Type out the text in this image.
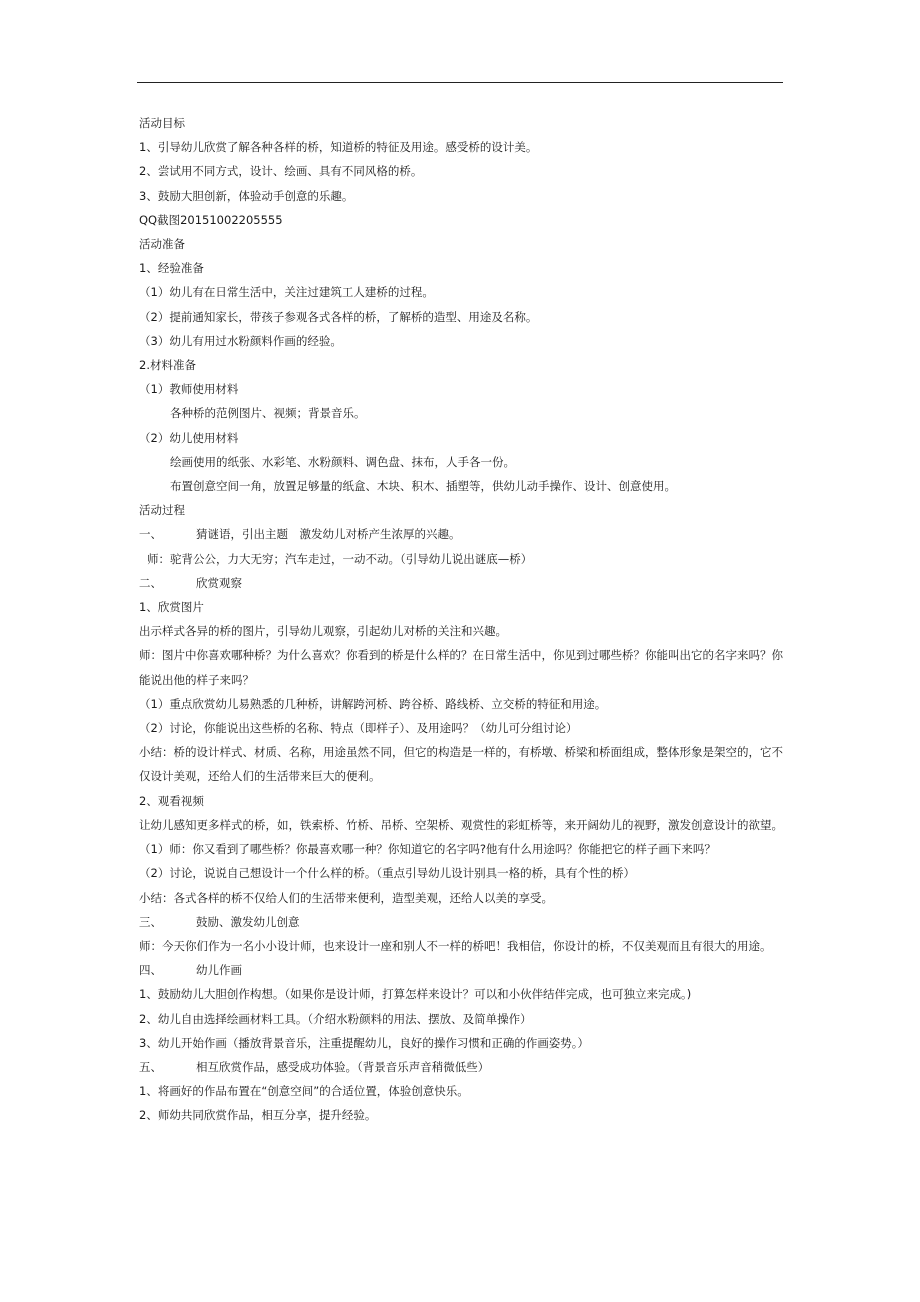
活动目标

1、引导幼儿欣赏了解各种各样的桥，知道桥的特征及用途。感受桥的设计美。

2、尝试用不同方式，设计、绘画、具有不同风格的桥。

3、鼓励大胆创新，体验动手创意的乐趣。

QQ截图20151002205555

活动准备

1、经验准备

（1）幼儿有在日常生活中，关注过建筑工人建桥的过程。

（2）提前通知家长，带孩子参观各式各样的桥，了解桥的造型、用途及名称。

（3）幼儿有用过水粉颜料作画的经验。

2.材料准备

（1）教师使用材料

各种桥的范例图片、视频；背景音乐。

（2）幼儿使用材料

绘画使用的纸张、水彩笔、水粉颜料、调色盘、抹布，人手各一份。

布置创意空间一角，放置足够量的纸盒、木块、积木、插塑等，供幼儿动手操作、设计、创意使用。

活动过程

一、	猜谜语，引出主题　激发幼儿对桥产生浓厚的兴趣。

师：驼背公公，力大无穷；汽车走过，一动不动。（引导幼儿说出谜底—桥）

二、	欣赏观察

1、欣赏图片

出示样式各异的桥的图片，引导幼儿观察，引起幼儿对桥的关注和兴趣。

师：图片中你喜欢哪种桥？为什么喜欢？你看到的桥是什么样的？在日常生活中，你见到过哪些桥？你能叫出它的名字来吗？你能说出他的样子来吗？

（1）重点欣赏幼儿易熟悉的几种桥，讲解跨河桥、跨谷桥、路线桥、立交桥的特征和用途。

（2）讨论，你能说出这些桥的名称、特点（即样子）、及用途吗？（幼儿可分组讨论）

小结：桥的设计样式、材质、名称，用途虽然不同，但它的构造是一样的，有桥墩、桥梁和桥面组成，整体形象是架空的，它不仅设计美观，还给人们的生活带来巨大的便利。

2、观看视频

让幼儿感知更多样式的桥，如，铁索桥、竹桥、吊桥、空架桥、观赏性的彩虹桥等，来开阔幼儿的视野，激发创意设计的欲望。

（1）师：你又看到了哪些桥？你最喜欢哪一种？你知道它的名字吗?他有什么用途吗？你能把它的样子画下来吗？

（2）讨论，说说自己想设计一个什么样的桥。（重点引导幼儿设计别具一格的桥，具有个性的桥）

小结：各式各样的桥不仅给人们的生活带来便利，造型美观，还给人以美的享受。

三、	鼓励、激发幼儿创意

师：今天你们作为一名小小设计师，也来设计一座和别人不一样的桥吧！我相信，你设计的桥，不仅美观而且有很大的用途。

四、	幼儿作画

1、鼓励幼儿大胆创作构想。（如果你是设计师，打算怎样来设计？可以和小伙伴结伴完成，也可独立来完成。)

2、幼儿自由选择绘画材料工具。（介绍水粉颜料的用法、摆放、及简单操作）

3、幼儿开始作画（播放背景音乐，注重提醒幼儿，良好的操作习惯和正确的作画姿势。）

五、	相互欣赏作品，感受成功体验。（背景音乐声音稍微低些）

1、将画好的作品布置在“创意空间”的合适位置，体验创意快乐。

2、师幼共同欣赏作品，相互分享，提升经验。
